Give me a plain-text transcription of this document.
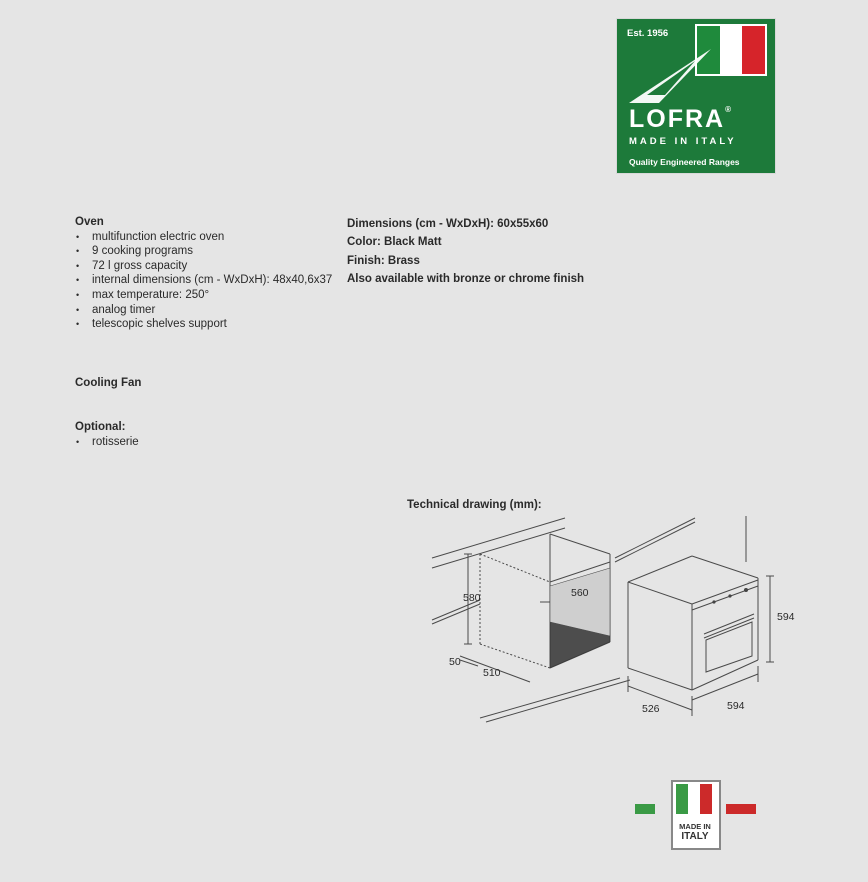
Est. 1956
LOFRA®
MADE IN ITALY
Quality Engineered Ranges
Oven
• multifunction electric oven
• 9 cooking programs
• 72 l gross capacity
• internal dimensions (cm - WxDxH): 48x40,6x37
• max temperature: 250°
• analog timer
• telescopic shelves support
Dimensions (cm - WxDxH): 60x55x60
Color: Black Matt
Finish: Brass
Also available with bronze or chrome finish
Cooling Fan
Optional:
• rotisserie
Technical drawing (mm):
580	560
50
510
594
526	594
MADE IN
ITALY
